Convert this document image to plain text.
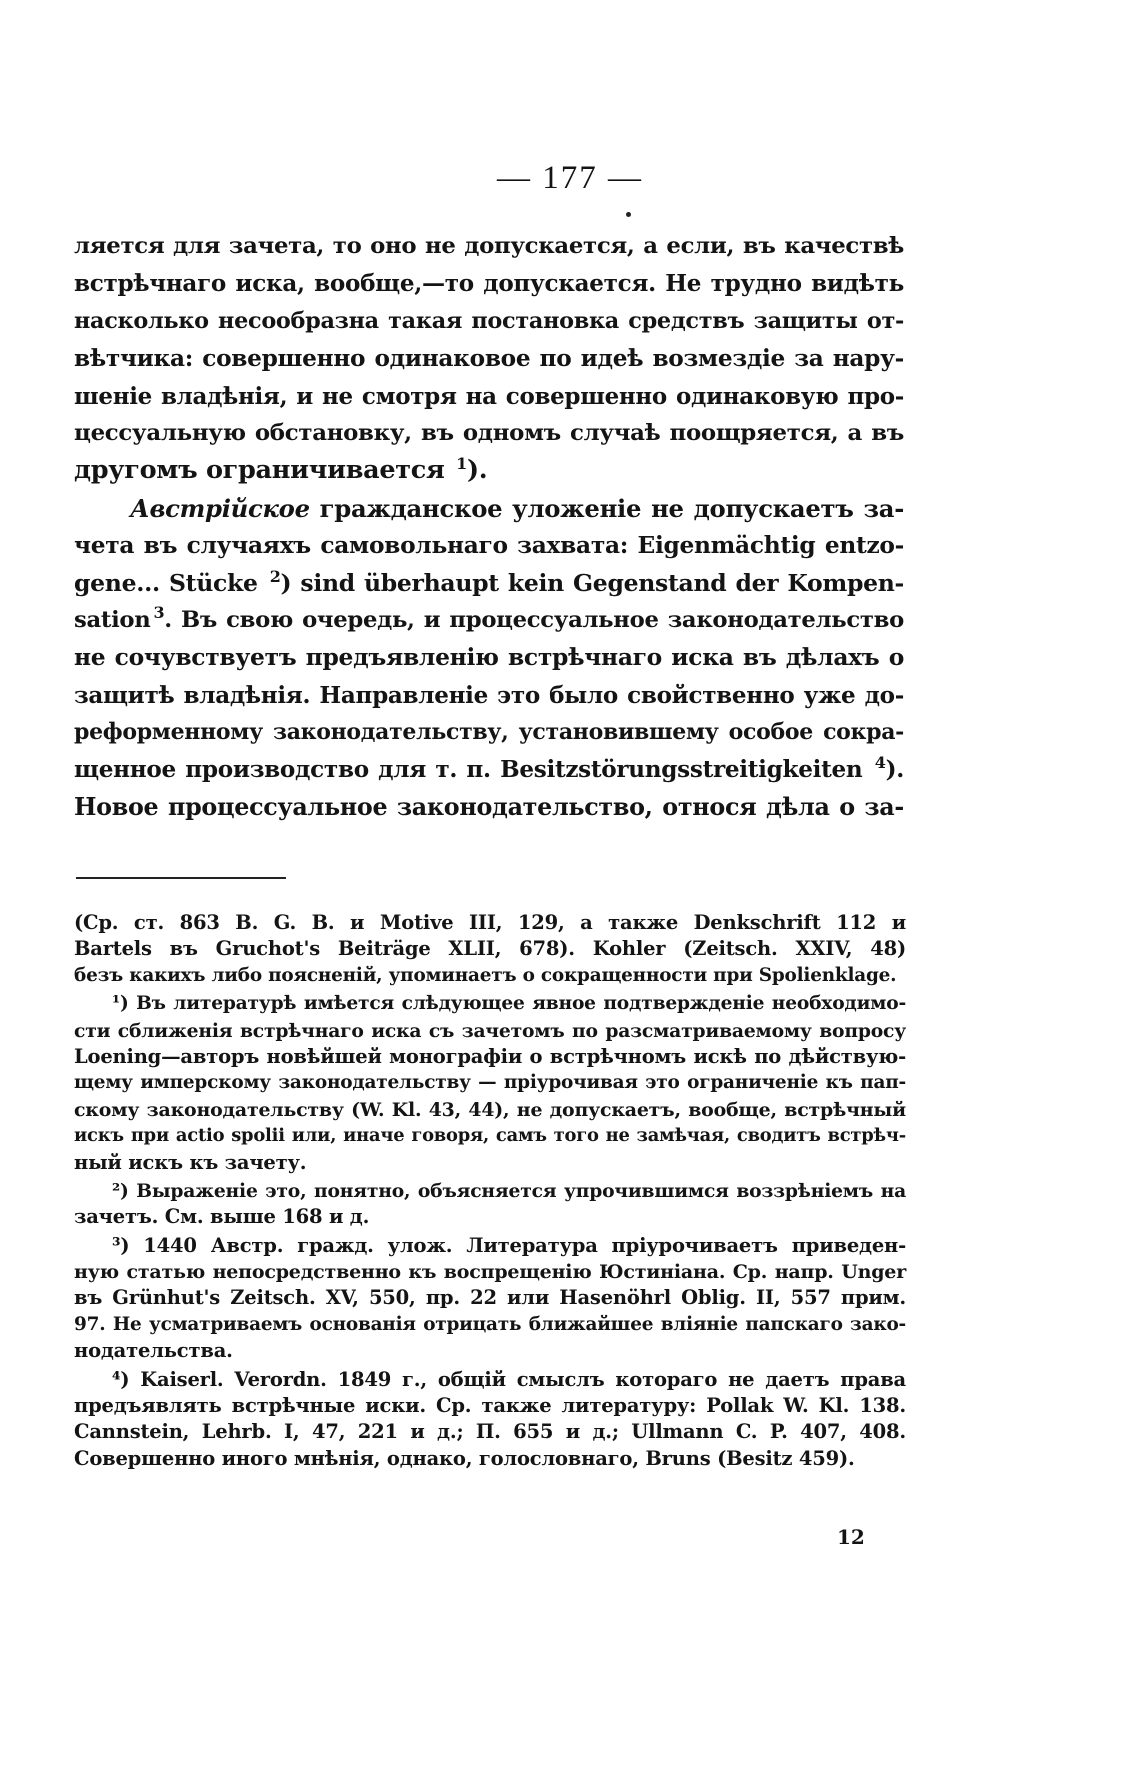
— 177 —
ляется для зачета, то оно не допускается, а если, въ качествѣ
встрѣчнаго иска, вообще,—то допускается. Не трудно видѣть
насколько несообразна такая постановка средствъ защиты от-
вѣтчика: совершенно одинаковое по идеѣ возмездіе за нару-
шеніе владѣнія, и не смотря на совершенно одинаковую про-
цессуальную обстановку, въ одномъ случаѣ поощряется, а въ
другомъ ограничивается $^1$).
Австрійское гражданское уложеніе не допускаетъ за-
чета въ случаяхъ самовольнаго захвата: Eigenmächtig entzo-
gene... Stücke $^2$) sind überhaupt kein Gegenstand der Kompen-
sation $^3$. Въ свою очередь, и процессуальное законодательство
не сочувствуетъ предъявленію встрѣчнаго иска въ дѣлахъ о
защитѣ владѣнія. Направленіе это было свойственно уже до-
реформенному законодательству, установившему особое сокра-
щенное производство для т. п. Besitzstörungsstreitigkeiten $^4$).
Новое процессуальное законодательство, относя дѣла о за-
(Ср. ст. 863 B. G. B. и Motive III, 129, а также Denkschrift 112 и
Bartels въ Gruchot's Beiträge XLII, 678). Kohler (Zeitsch. XXIV, 48)
безъ какихъ либо поясненій, упоминаетъ о сокращенности при Spolienklage.
¹) Въ литературѣ имѣется слѣдующее явное подтвержденіе необходимо-
сти сближенія встрѣчнаго иска съ зачетомъ по разсматриваемому вопросу
Loening—авторъ новѣйшей монографіи о встрѣчномъ искѣ по дѣйствую-
щему имперскому законодательству — пріурочивая это ограниченіе къ пап-
скому законодательству (W. Kl. 43, 44), не допускаетъ, вообще, встрѣчный
искъ при actio spolii или, иначе говоря, самъ того не замѣчая, сводитъ встрѣч-
ный искъ къ зачету.
²) Выраженіе это, понятно, объясняется упрочившимся воззрѣніемъ на
зачетъ. См. выше 168 и д.
³) 1440 Австр. гражд. улож. Литература пріурочиваетъ приведен-
ную статью непосредственно къ воспрещенію Юстиніана. Ср. напр. Unger
въ Grünhut's Zeitsch. XV, 550, пр. 22 или Hasenöhrl Oblig. II, 557 прим.
97. Не усматриваемъ основанія отрицать ближайшее вліяніе папскаго зако-
нодательства.
⁴) Kaiserl. Verordn. 1849 г., общій смыслъ котораго не даетъ права
предъявлять встрѣчные иски. Ср. также литературу: Pollak W. Kl. 138.
Cannstein, Lehrb. I, 47, 221 и д.; П. 655 и д.; Ullmann C. P. 407, 408.
Совершенно иного мнѣнія, однако, голословнаго, Bruns (Besitz 459).
12
